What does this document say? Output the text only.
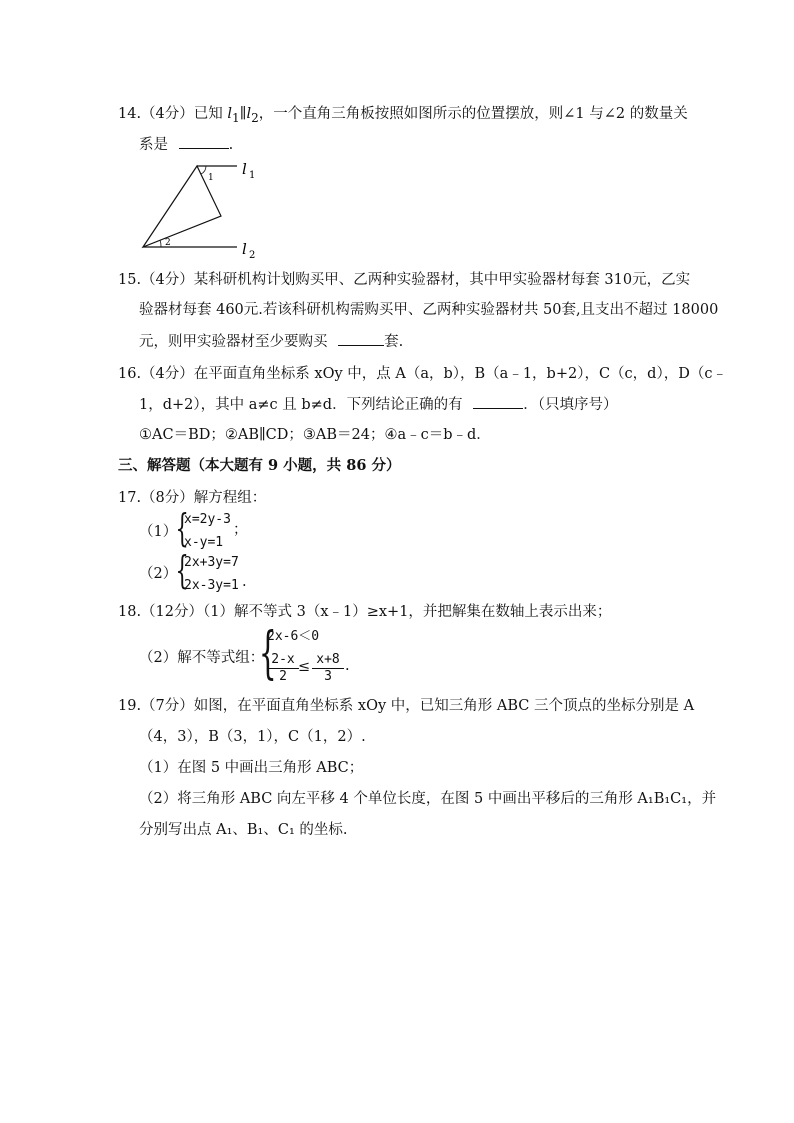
14.（4分）已知 $l_1\parallel l_2$，一个直角三角板按照如图所示的位置摆放，则∠1 与∠2 的数量关
系是	.
1
2
l 1
l 2
15.（4分）某科研机构计划购买甲、乙两种实验器材，其中甲实验器材每套 310元，乙实
验器材每套 460元.若该科研机构需购买甲、乙两种实验器材共 50套,且支出不超过 18000
元，则甲实验器材至少要购买	套.
16.（4分）在平面直角坐标系 xOy 中，点 A（a，b），B（a﹣1，b+2），C（c，d），D（c﹣
1，d+2），其中 a≠c 且 b≠d．下列结论正确的有	．（只填序号）
①AC＝BD；②AB∥CD；③AB＝24；④a﹣c＝b﹣d．
三、解答题（本大题有 9 小题，共 86 分）
17.（8分）解方程组：
（1）
{
x=2y-3
x-y=1
；
（2）
{
2x+3y=7
2x-3y=1 .
18.（12分）（1）解不等式 3（x﹣1）≥x+1，并把解集在数轴上表示出来；
（2）解不等式组：
{
2x-6＜0
$\frac{2-x}{2} \le \frac{x+8}{3}$ .
19.（7分）如图，在平面直角坐标系 xOy 中，已知三角形 ABC 三个顶点的坐标分别是 A
（4，3），B（3，1），C（1，2）.
（1）在图 5 中画出三角形 ABC；
（2）将三角形 ABC 向左平移 4 个单位长度，在图 5 中画出平移后的三角形 A₁B₁C₁，并
分别写出点 A₁、B₁、C₁ 的坐标.
